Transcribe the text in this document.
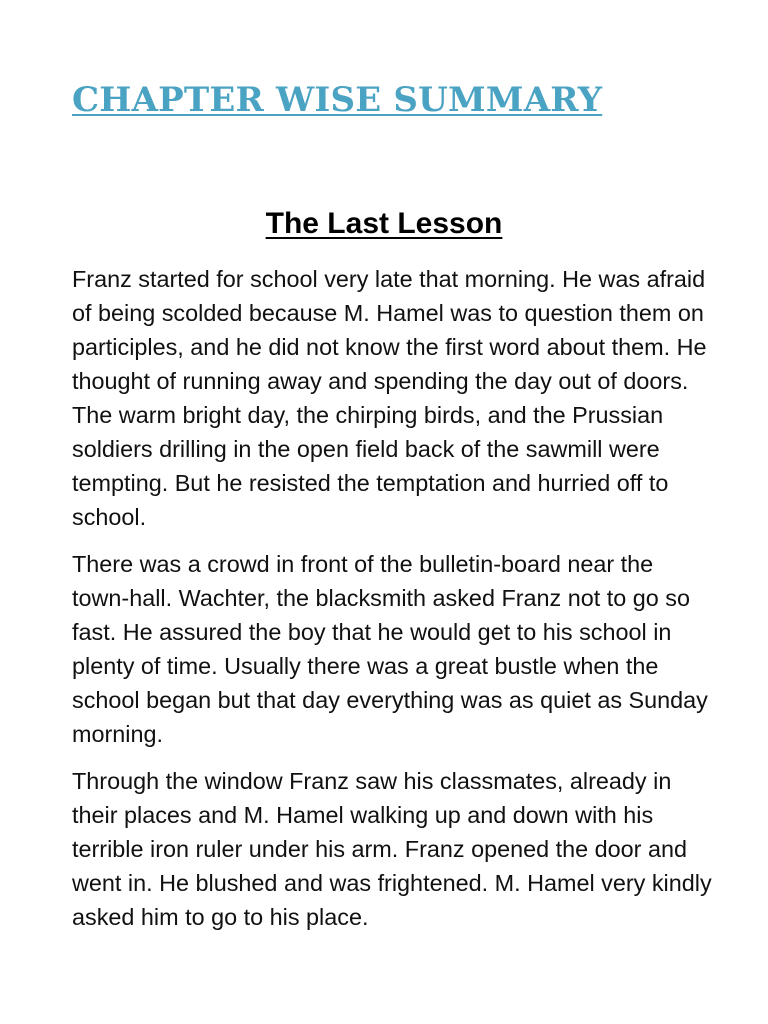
CHAPTER WISE SUMMARY
The Last Lesson

Franz started for school very late that morning. He was afraid of being scolded because M. Hamel was to question them on participles, and he did not know the first word about them. He thought of running away and spending the day out of doors. The warm bright day, the chirping birds, and the Prussian soldiers drilling in the open field back of the sawmill were tempting. But he resisted the temptation and hurried off to school.

There was a crowd in front of the bulletin-board near the town-hall. Wachter, the blacksmith asked Franz not to go so fast. He assured the boy that he would get to his school in plenty of time. Usually there was a great bustle when the school began but that day everything was as quiet as Sunday morning.

Through the window Franz saw his classmates, already in their places and M. Hamel walking up and down with his terrible iron ruler under his arm. Franz opened the door and went in. He blushed and was frightened. M. Hamel very kindly asked him to go to his place.
